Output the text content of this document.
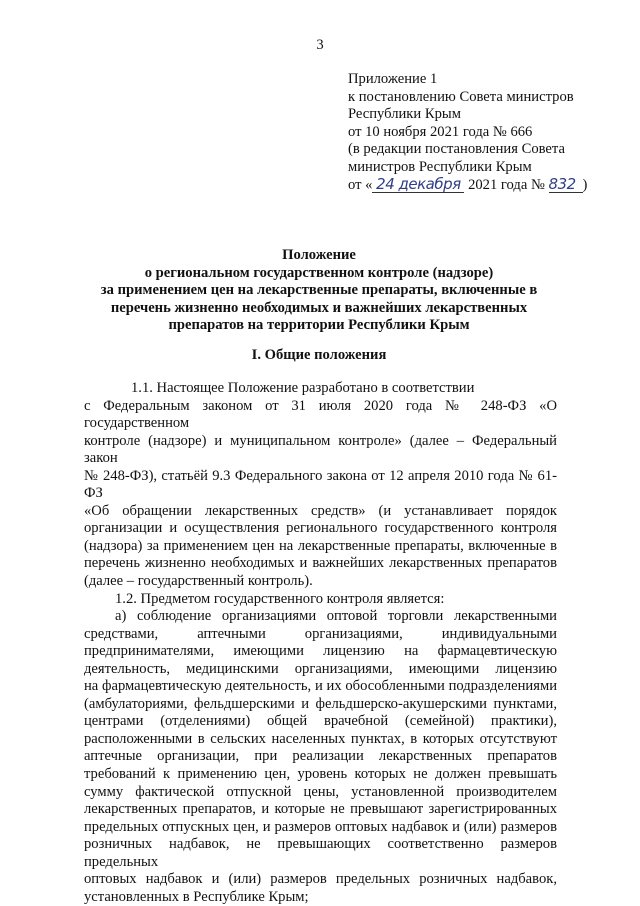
3
Приложение 1
к постановлению Совета министров
Республики Крым
от 10 ноября 2021 года № 666
(в редакции постановления Совета
министров Республики Крым
от « 24 декабря 2021 года № 832 )
Положение
о региональном государственном контроле (надзоре)
за применением цен на лекарственные препараты, включенные в
перечень жизненно необходимых и важнейших лекарственных
препаратов на территории Республики Крым
I. Общие положения
1.1. Настоящее Положение разработано в соответствии
с Федеральным законом от 31 июля 2020 года № 248-ФЗ «О государственном
контроле (надзоре) и муниципальном контроле» (далее – Федеральный закон
№ 248-ФЗ), статьёй 9.3 Федерального закона от 12 апреля 2010 года № 61-ФЗ
«Об обращении лекарственных средств» (и устанавливает порядок
организации и осуществления регионального государственного контроля
(надзора) за применением цен на лекарственные препараты, включенные в
перечень жизненно необходимых и важнейших лекарственных препаратов
(далее – государственный контроль).
1.2. Предметом государственного контроля является:
а) соблюдение организациями оптовой торговли лекарственными
средствами, аптечными организациями, индивидуальными
предпринимателями, имеющими лицензию на фармацевтическую
деятельность, медицинскими организациями, имеющими лицензию
на фармацевтическую деятельность, и их обособленными подразделениями
(амбулаториями, фельдшерскими и фельдшерско-акушерскими пунктами,
центрами (отделениями) общей врачебной (семейной) практики),
расположенными в сельских населенных пунктах, в которых отсутствуют
аптечные организации, при реализации лекарственных препаратов
требований к применению цен, уровень которых не должен превышать
сумму фактической отпускной цены, установленной производителем
лекарственных препаратов, и которые не превышают зарегистрированных
предельных отпускных цен, и размеров оптовых надбавок и (или) размеров
розничных надбавок, не превышающих соответственно размеров предельных
оптовых надбавок и (или) размеров предельных розничных надбавок,
установленных в Республике Крым;
